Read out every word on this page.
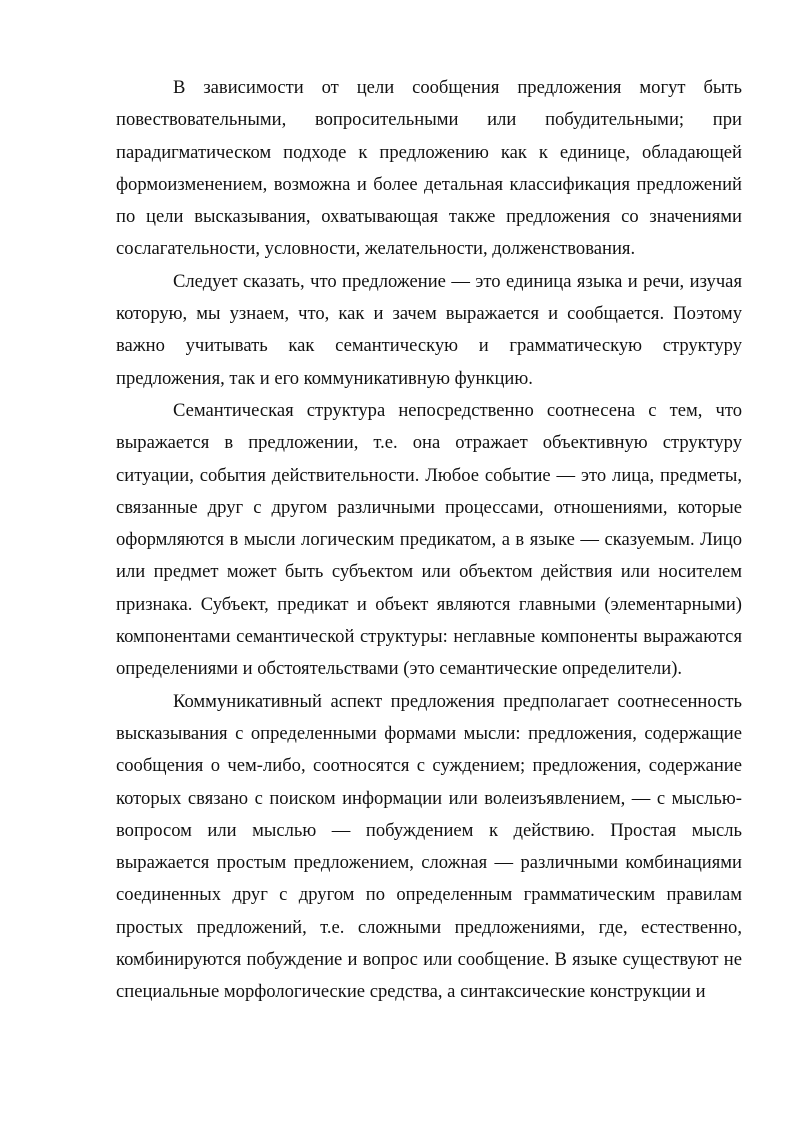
В зависимости от цели сообщения предложения могут быть повествовательными, вопросительными или побудительными; при парадигматическом подходе к предложению как к единице, обладающей формоизменением, возможна и более детальная классификация предложений по цели высказывания, охватывающая также предложения со значениями сослагательности, условности, желательности, долженствования.

Следует сказать, что предложение — это единица языка и речи, изучая которую, мы узнаем, что, как и зачем выражается и сообщается. Поэтому важно учитывать как семантическую и грамматическую структуру предложения, так и его коммуникативную функцию.

Семантическая структура непосредственно соотнесена с тем, что выражается в предложении, т.е. она отражает объективную структуру ситуации, события действительности. Любое событие — это лица, предметы, связанные друг с другом различными процессами, отношениями, которые оформляются в мысли логическим предикатом, а в языке — сказуемым. Лицо или предмет может быть субъектом или объектом действия или носителем признака. Субъект, предикат и объект являются главными (элементарными) компонентами семантической структуры: неглавные компоненты выражаются определениями и обстоятельствами (это семантические определители).

Коммуникативный аспект предложения предполагает соотнесенность высказывания с определенными формами мысли: предложения, содержащие сообщения о чем-либо, соотносятся с суждением; предложения, содержание которых связано с поиском информации или волеизъявлением, — с мыслью-вопросом или мыслью — побуждением к действию. Простая мысль выражается простым предложением, сложная — различными комбинациями соединенных друг с другом по определенным грамматическим правилам простых предложений, т.е. сложными предложениями, где, естественно, комбинируются побуждение и вопрос или сообщение. В языке существуют не специальные морфологические средства, а синтаксические конструкции и
